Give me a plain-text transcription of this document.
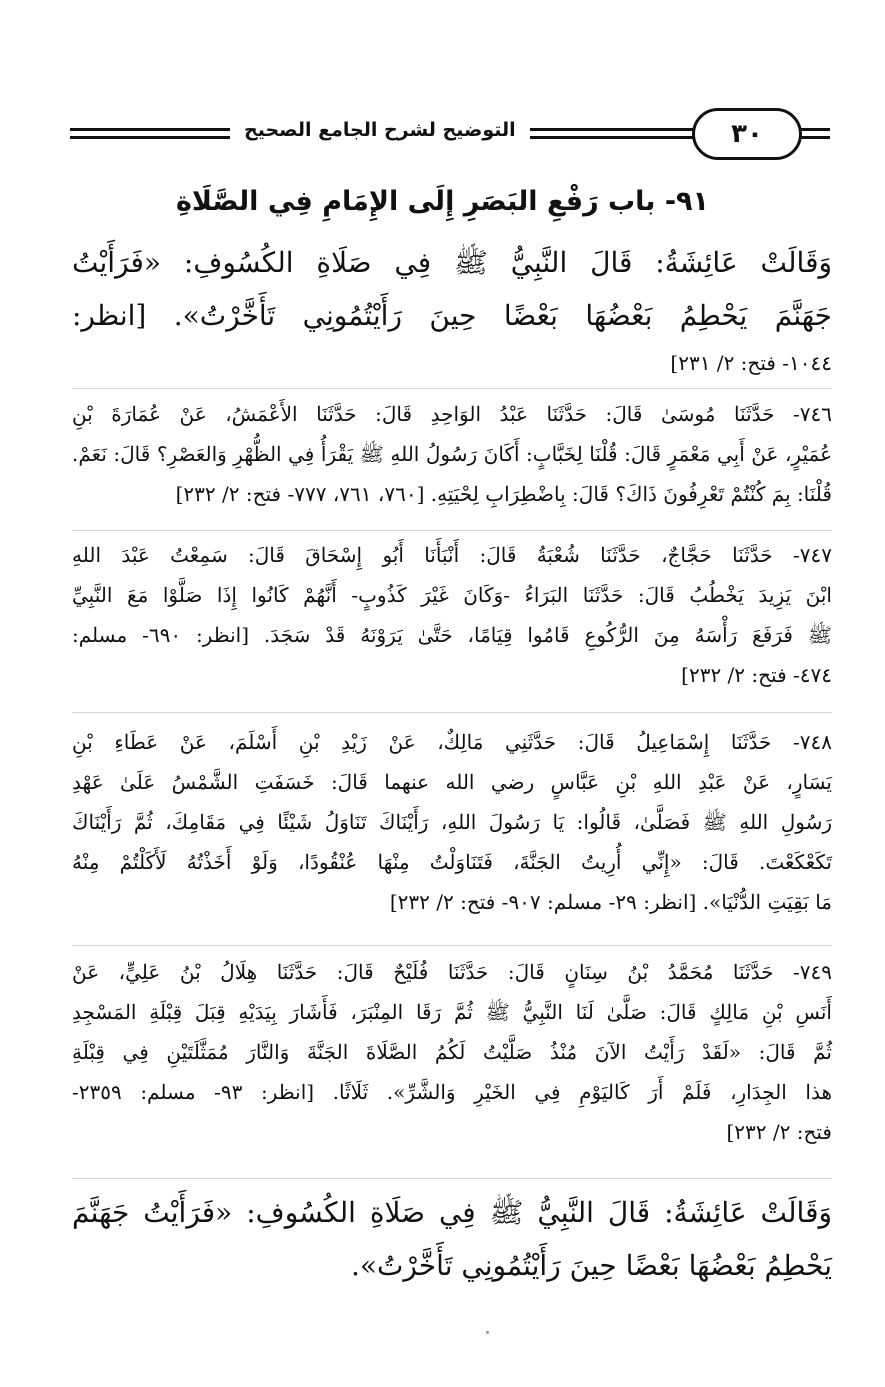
التوضيح لشرح الجامع الصحيح	٣٠
٩١- باب رَفْعِ البَصَرِ إِلَى الإِمَامِ فِي الصَّلَاةِ
وَقَالَتْ عَائِشَةُ: قَالَ النَّبِيُّ ﷺ فِي صَلَاةِ الكُسُوفِ: «فَرَأَيْتُ
جَهَنَّمَ يَحْطِمُ بَعْضُهَا بَعْضًا حِينَ رَأَيْتُمُونِي تَأَخَّرْتُ». [انظر:
١٠٤٤- فتح: ٢/ ٢٣١]
٧٤٦- حَدَّثَنَا مُوسَىٰ قَالَ: حَدَّثَنَا عَبْدُ الوَاحِدِ قَالَ: حَدَّثَنَا الأَعْمَشُ، عَنْ عُمَارَةَ بْنِ
عُمَيْرٍ، عَنْ أَبِي مَعْمَرٍ قَالَ: قُلْنَا لِخَبَّابٍ: أَكَانَ رَسُولُ اللهِ ﷺ يَقْرَأُ فِي الظُّهْرِ وَالعَصْرِ؟ قَالَ: نَعَمْ.
قُلْنَا: بِمَ كُنْتُمْ تَعْرِفُونَ ذَاكَ؟ قَالَ: بِاضْطِرَابِ لِحْيَتِهِ. [٧٦٠، ٧٦١، ٧٧٧- فتح: ٢/ ٢٣٢]
٧٤٧- حَدَّثَنَا حَجَّاجٌ، حَدَّثَنَا شُعْبَةُ قَالَ: أَنْبَأَنَا أَبُو إِسْحَاقَ قَالَ: سَمِعْتُ عَبْدَ اللهِ
ابْنَ يَزِيدَ يَخْطُبُ قَالَ: حَدَّثَنَا البَرَاءُ -وَكَانَ غَيْرَ كَذُوبٍ- أَنَّهُمْ كَانُوا إِذَا صَلَّوْا مَعَ النَّبِيِّ
ﷺ فَرَفَعَ رَأْسَهُ مِنَ الرُّكُوعِ قَامُوا قِيَامًا، حَتَّىٰ يَرَوْنَهُ قَدْ سَجَدَ. [انظر: ٦٩٠- مسلم:
٤٧٤- فتح: ٢/ ٢٣٢]
٧٤٨- حَدَّثَنَا إِسْمَاعِيلُ قَالَ: حَدَّثَنِي مَالِكٌ، عَنْ زَيْدِ بْنِ أَسْلَمَ، عَنْ عَطَاءِ بْنِ
يَسَارٍ، عَنْ عَبْدِ اللهِ بْنِ عَبَّاسٍ رضي الله عنهما قَالَ: خَسَفَتِ الشَّمْسُ عَلَىٰ عَهْدِ
رَسُولِ اللهِ ﷺ فَصَلَّىٰ، قَالُوا: يَا رَسُولَ اللهِ، رَأَيْنَاكَ تَنَاوَلُ شَيْئًا فِي مَقَامِكَ، ثُمَّ رَأَيْنَاكَ
تَكَعْكَعْتَ. قَالَ: «إِنِّي أُرِيتُ الجَنَّةَ، فَتَنَاوَلْتُ مِنْهَا عُنْقُودًا، وَلَوْ أَخَذْتُهُ لَأَكَلْتُمْ مِنْهُ
مَا بَقِيَتِ الدُّنْيَا». [انظر: ٢٩- مسلم: ٩٠٧- فتح: ٢/ ٢٣٢]
٧٤٩- حَدَّثَنَا مُحَمَّدُ بْنُ سِنَانٍ قَالَ: حَدَّثَنَا فُلَيْحٌ قَالَ: حَدَّثَنَا هِلَالُ بْنُ عَلِيٍّ، عَنْ
أَنَسِ بْنِ مَالِكٍ قَالَ: صَلَّىٰ لَنَا النَّبِيُّ ﷺ ثُمَّ رَقَا المِنْبَرَ، فَأَشَارَ بِيَدَيْهِ قِبَلَ قِبْلَةِ المَسْجِدِ
ثُمَّ قَالَ: «لَقَدْ رَأَيْتُ الآنَ مُنْذُ صَلَّيْتُ لَكُمُ الصَّلَاةَ الجَنَّةَ وَالنَّارَ مُمَثَّلَتَيْنِ فِي قِبْلَةِ
هذا الجِدَارِ، فَلَمْ أَرَ كَاليَوْمِ فِي الخَيْرِ وَالشَّرِّ». ثَلَاثًا. [انظر: ٩٣- مسلم: ٢٣٥٩-
فتح: ٢/ ٢٣٢]
وَقَالَتْ عَائِشَةُ: قَالَ النَّبِيُّ ﷺ فِي صَلَاةِ الكُسُوفِ: «فَرَأَيْتُ جَهَنَّمَ
يَحْطِمُ بَعْضُهَا بَعْضًا حِينَ رَأَيْتُمُونِي تَأَخَّرْتُ».
